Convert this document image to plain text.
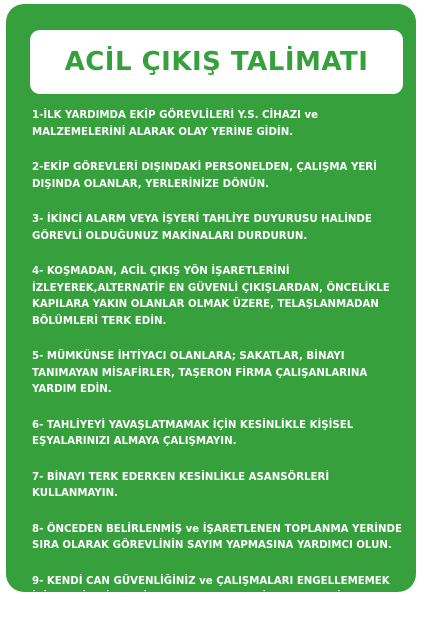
ACİL ÇIKIŞ TALİMATI
1-İLK YARDIMDA EKİP GÖREVLİLERİ Y.S. CİHAZI ve MALZEMELERİNİ ALARAK OLAY YERİNE GİDİN.
2-EKİP GÖREVLERİ DIŞINDAKİ PERSONELDEN, ÇALIŞMA YERİ DIŞINDA OLANLAR, YERLERİNİZE DÖNÜN.
3- İKİNCİ ALARM VEYA İŞYERİ TAHLİYE DUYURUSU HALİNDE GÖREVLİ OLDUĞUNUZ MAKİNALARI DURDURUN.
4- KOŞMADAN, ACİL ÇIKIŞ YÖN İŞARETLERİNİ İZLEYEREK,ALTERNATİF EN GÜVENLİ ÇIKIŞLARDAN, ÖNCELİKLE KAPILARA YAKIN OLANLAR OLMAK ÜZERE, TELAŞLANMADAN BÖLÜMLERİ TERK EDİN.
5- MÜMKÜNSE İHTİYACI OLANLARA; SAKATLAR, BİNAYI TANIMAYAN MİSAFİRLER, TAŞERON FİRMA ÇALIŞANLARINA YARDIM EDİN.
6- TAHLİYEYİ YAVAŞLATMAMAK İÇİN KESİNLİKLE KİŞİSEL EŞYALARINIZI ALMAYA ÇALIŞMAYIN.
7- BİNAYI TERK EDERKEN KESİNLİKLE ASANSÖRLERİ KULLANMAYIN.
8- ÖNCEDEN BELİRLENMİŞ ve İŞARETLENEN TOPLANMA YERİNDE SIRA OLARAK GÖREVLİNİN SAYIM YAPMASINA YARDIMCI OLUN.
9- KENDİ CAN GÜVENLİĞİNİZ ve ÇALIŞMALARI ENGELLEMEMEK İÇİN SAKİN BİR ŞEKİLDE TOPLANMA YERİNDE BEKLEYİN.
10- SORUMLUNUN TALİMATLARINA UYUN.
